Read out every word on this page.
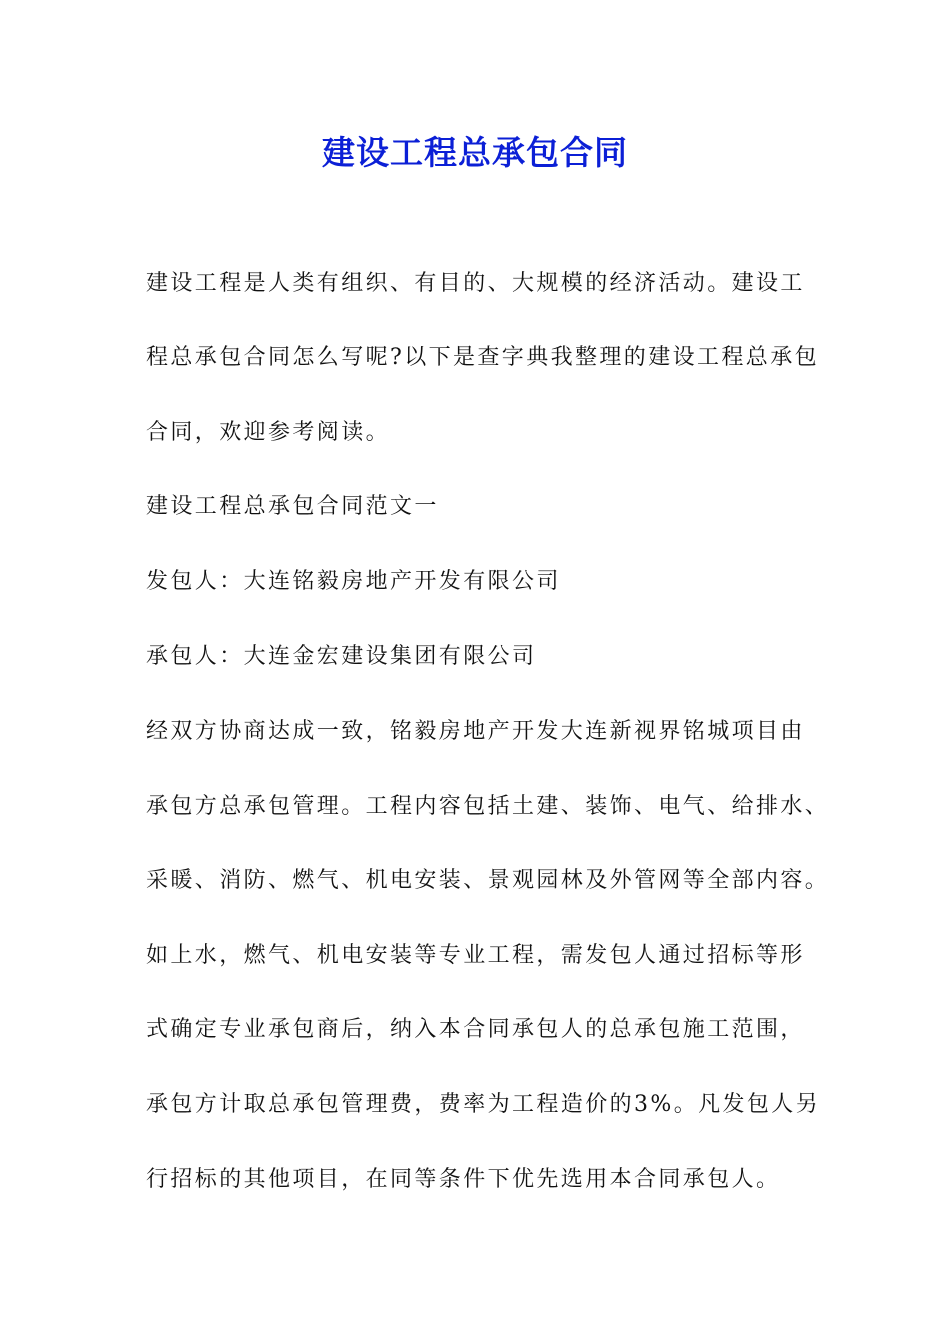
建设工程总承包合同
建设工程是人类有组织、有目的、大规模的经济活动。建设工
程总承包合同怎么写呢?以下是查字典我整理的建设工程总承包
合同，欢迎参考阅读。
建设工程总承包合同范文一
发包人：大连铭毅房地产开发有限公司
承包人：大连金宏建设集团有限公司
经双方协商达成一致，铭毅房地产开发大连新视界铭城项目由
承包方总承包管理。工程内容包括土建、装饰、电气、给排水、
采暖、消防、燃气、机电安装、景观园林及外管网等全部内容。
如上水，燃气、机电安装等专业工程，需发包人通过招标等形
式确定专业承包商后，纳入本合同承包人的总承包施工范围，
承包方计取总承包管理费，费率为工程造价的3%。凡发包人另
行招标的其他项目，在同等条件下优先选用本合同承包人。
